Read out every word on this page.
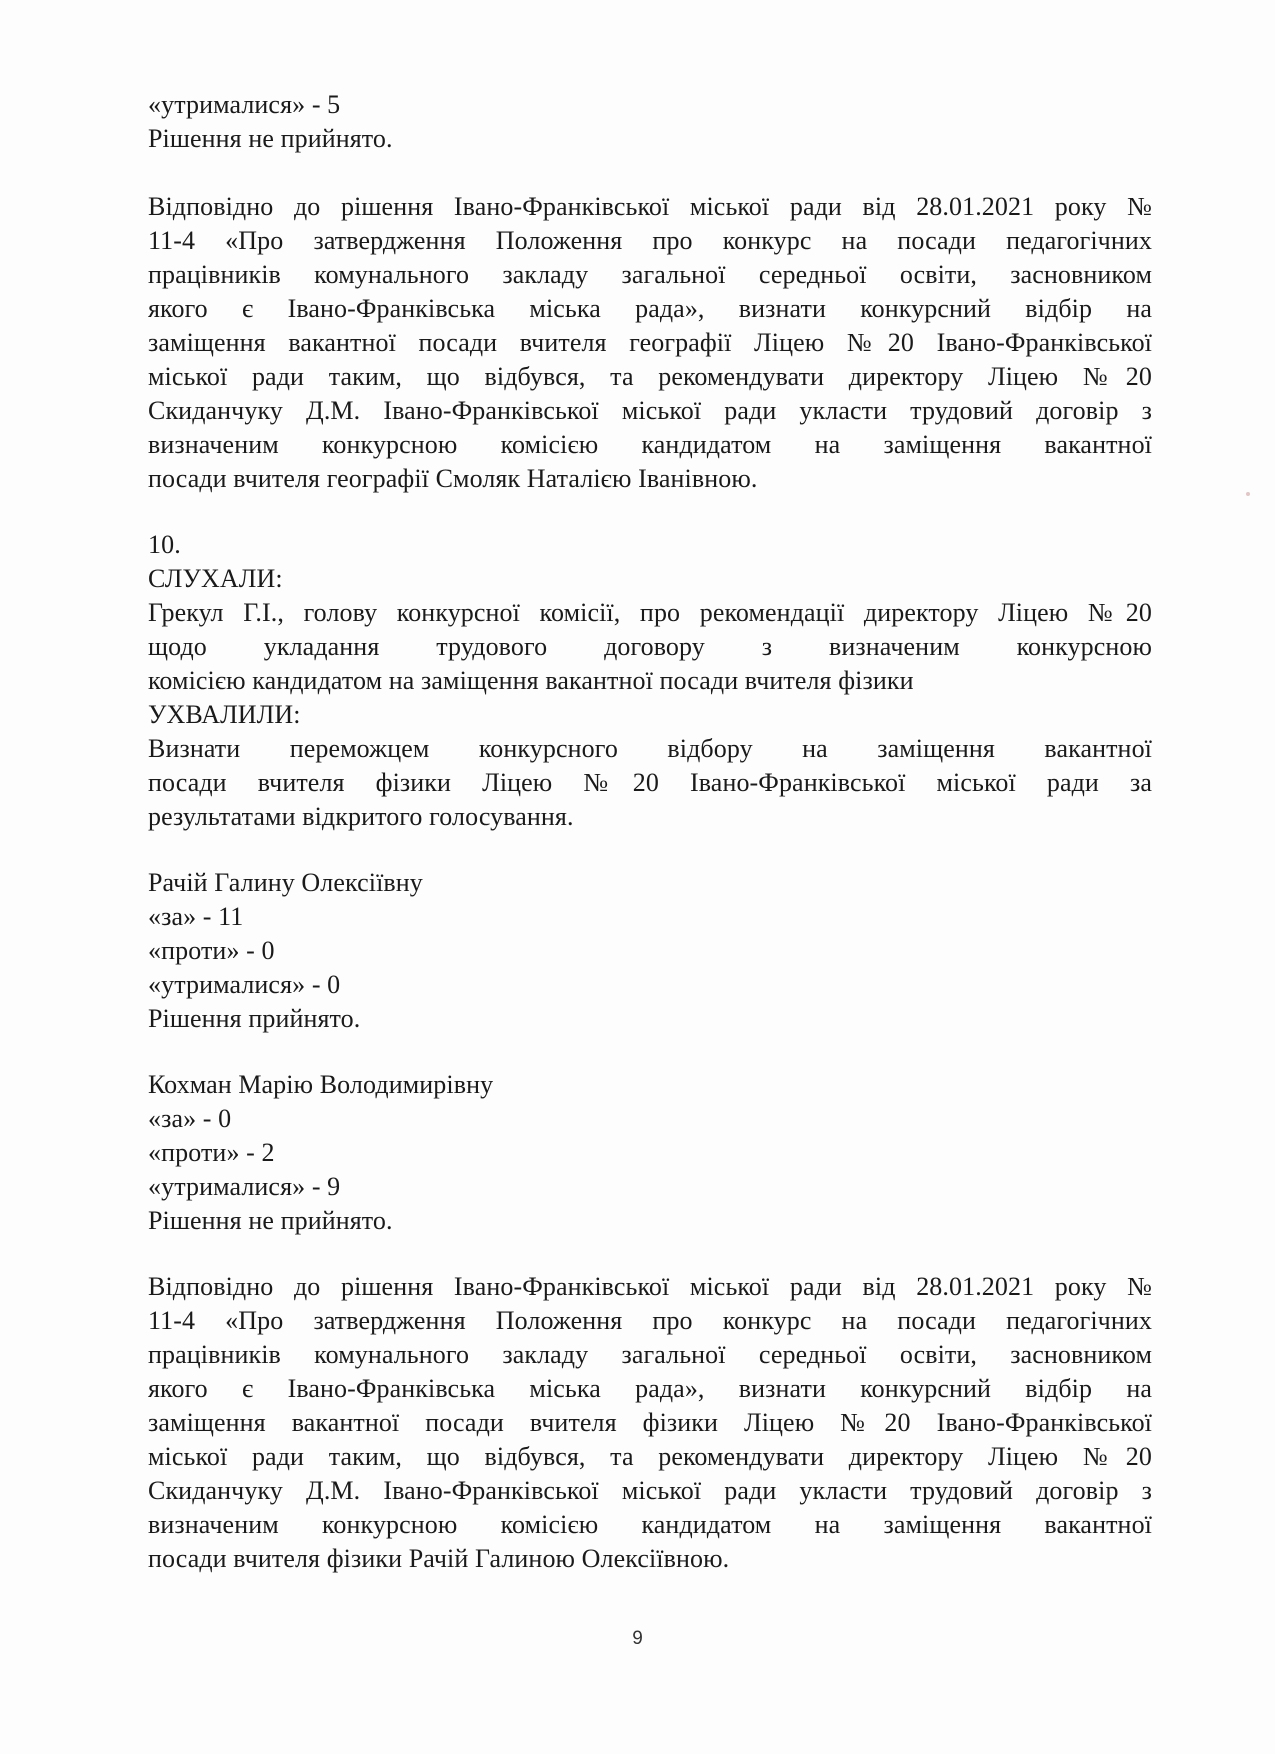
«утрималися» - 5
Рішення не прийнято.
Відповідно до рішення Івано-Франківської міської ради від 28.01.2021 року №
11-4 «Про затвердження Положення про конкурс на посади педагогічних
працівників комунального закладу загальної середньої освіти, засновником
якого є Івано-Франківська міська рада», визнати конкурсний відбір на
заміщення вакантної посади вчителя географії Ліцею №20 Івано-Франківської
міської ради таким, що відбувся, та рекомендувати директору Ліцею №20
Скиданчуку Д.М. Івано-Франківської міської ради укласти трудовий договір з
визначеним конкурсною комісією кандидатом на заміщення вакантної
посади вчителя географії Смоляк Наталією Іванівною.
10.
СЛУХАЛИ:
Грекул Г.І., голову конкурсної комісії, про рекомендації директору Ліцею №20
щодо укладання трудового договору з визначеним конкурсною
комісією кандидатом на заміщення вакантної посади вчителя фізики
УХВАЛИЛИ:
Визнати переможцем конкурсного відбору на заміщення вакантної
посади вчителя фізики Ліцею №20 Івано-Франківської міської ради за
результатами відкритого голосування.
Рачій Галину Олексіївну
«за» - 11
«проти» - 0
«утрималися» - 0
Рішення прийнято.
Кохман Марію Володимирівну
«за» - 0
«проти» - 2
«утрималися» - 9
Рішення не прийнято.
Відповідно до рішення Івано-Франківської міської ради від 28.01.2021 року №
11-4 «Про затвердження Положення про конкурс на посади педагогічних
працівників комунального закладу загальної середньої освіти, засновником
якого є Івано-Франківська міська рада», визнати конкурсний відбір на
заміщення вакантної посади вчителя фізики Ліцею №20 Івано-Франківської
міської ради таким, що відбувся, та рекомендувати директору Ліцею №20
Скиданчуку Д.М. Івано-Франківської міської ради укласти трудовий договір з
визначеним конкурсною комісією кандидатом на заміщення вакантної
посади вчителя фізики Рачій Галиною Олексіївною.
9
